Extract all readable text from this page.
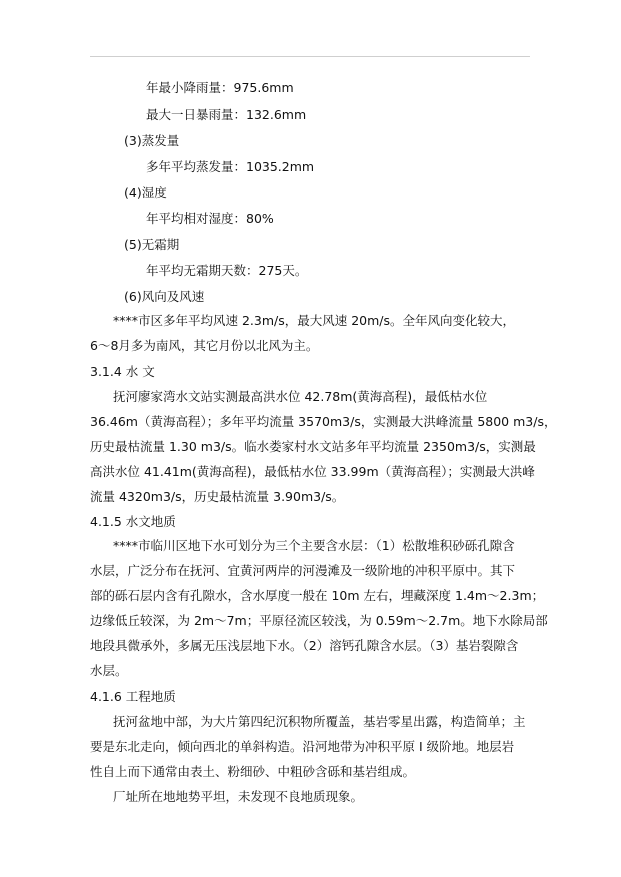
年最小降雨量：975.6mm
最大一日暴雨量：132.6mm
(3)蒸发量
多年平均蒸发量：1035.2mm
(4)湿度
年平均相对湿度：80%
(5)无霜期
年平均无霜期天数：275天。
(6)风向及风速
****市区多年平均风速 2.3m/s，最大风速 20m/s。全年风向变化较大，
6～8月多为南风，其它月份以北风为主。
3.1.4 水 文
抚河廖家湾水文站实测最高洪水位 42.78m(黄海高程)，最低枯水位
36.46m（黄海高程）；多年平均流量 3570m3/s，实测最大洪峰流量 5800 m3/s，
历史最枯流量 1.30 m3/s。临水娄家村水文站多年平均流量 2350m3/s，实测最
高洪水位 41.41m(黄海高程)，最低枯水位 33.99m（黄海高程）；实测最大洪峰
流量 4320m3/s，历史最枯流量 3.90m3/s。
4.1.5 水文地质
****市临川区地下水可划分为三个主要含水层：（1）松散堆积砂砾孔隙含
水层，广泛分布在抚河、宜黄河两岸的河漫滩及一级阶地的冲积平原中。其下
部的砾石层内含有孔隙水，含水厚度一般在 10m 左右，埋藏深度 1.4m～2.3m；
边缘低丘较深，为 2m～7m；平原径流区较浅，为 0.59m～2.7m。地下水除局部
地段具微承外，多属无压浅层地下水。（2）溶钙孔隙含水层。（3）基岩裂隙含
水层。
4.1.6 工程地质
抚河盆地中部，为大片第四纪沉积物所覆盖，基岩零星出露，构造简单；主
要是东北走向，倾向西北的单斜构造。沿河地带为冲积平原 I 级阶地。地层岩
性自上而下通常由表土、粉细砂、中粗砂含砾和基岩组成。
厂址所在地地势平坦，未发现不良地质现象。
